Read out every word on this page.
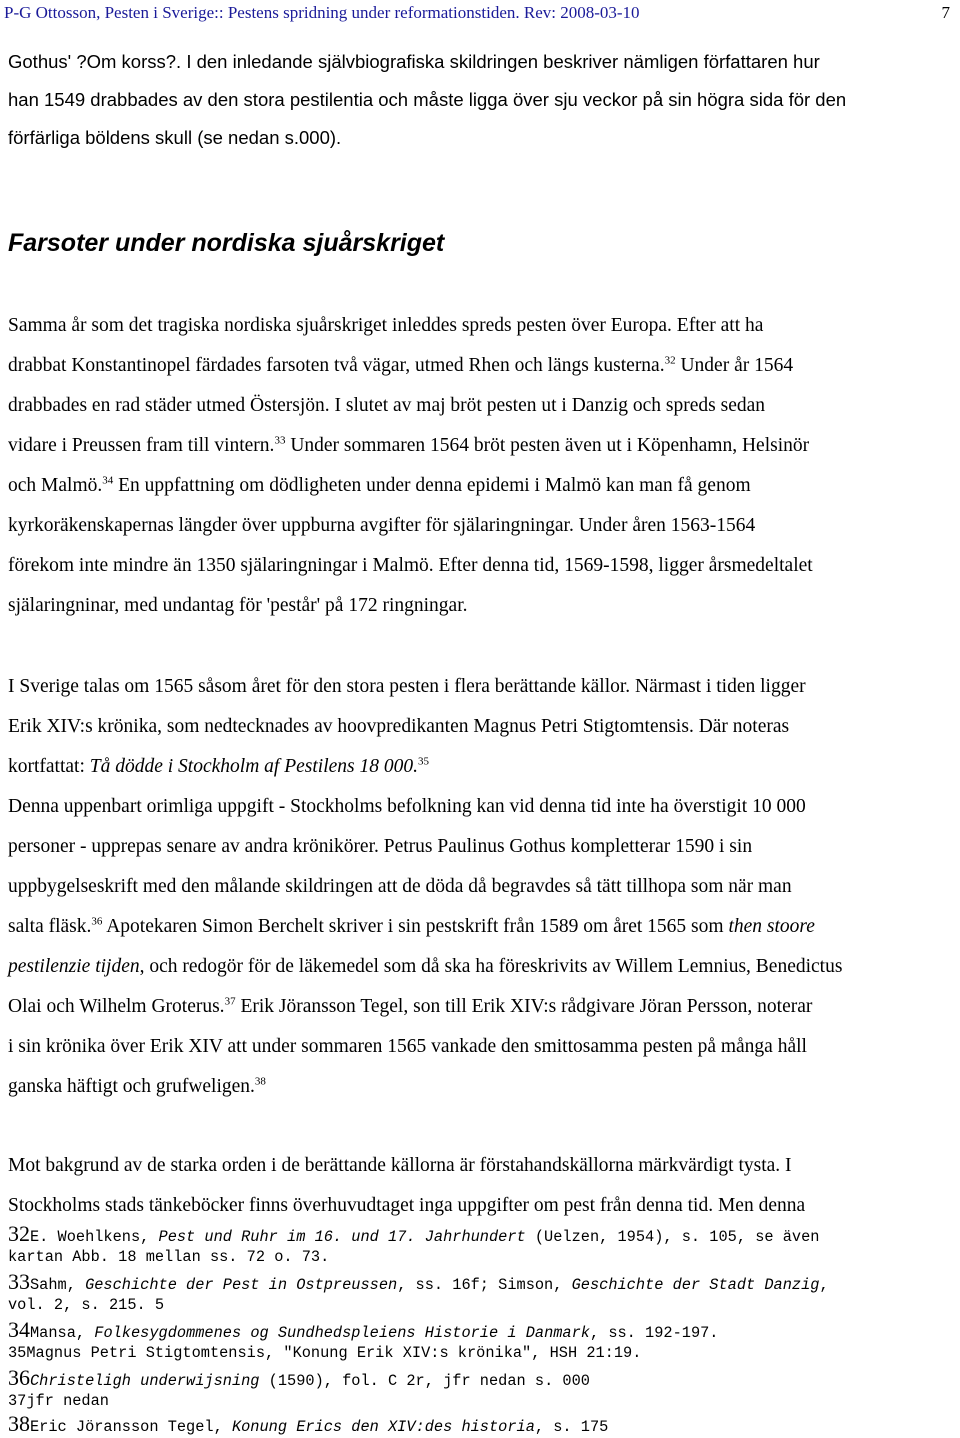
P-G Ottosson, Pesten i Sverige:: Pestens spridning under reformationstiden. Rev: 2008-03-10	7
Gothus' ?Om korss?. I den inledande självbiografiska skildringen beskriver nämligen författaren hur
han 1549 drabbades av den stora pestilentia och måste ligga över sju veckor på sin högra sida för den
förfärliga böldens skull (se nedan s.000).
Farsoter under nordiska sjuårskriget
Samma år som det tragiska nordiska sjuårskriget inleddes spreds pesten över Europa. Efter att ha
drabbat Konstantinopel färdades farsoten två vägar, utmed Rhen och längs kusterna.$^{32}$ Under år 1564
drabbades en rad städer utmed Östersjön. I slutet av maj bröt pesten ut i Danzig och spreds sedan
vidare i Preussen fram till vintern.$^{33}$ Under sommaren 1564 bröt pesten även ut i Köpenhamn, Helsinör
och Malmö.$^{34}$ En uppfattning om dödligheten under denna epidemi i Malmö kan man få genom
kyrkoräkenskapernas längder över uppburna avgifter för själaringningar. Under åren 1563-1564
förekom inte mindre än 1350 själaringningar i Malmö. Efter denna tid, 1569-1598, ligger årsmedeltalet
själaringninar, med undantag för 'pestår' på 172 ringningar.
I Sverige talas om 1565 såsom året för den stora pesten i flera berättande källor. Närmast i tiden ligger
Erik XIV:s krönika, som nedtecknades av hoovpredikanten Magnus Petri Stigtomtensis. Där noteras
kortfattat: Tå dödde i Stockholm af Pestilens 18 000.35
Denna uppenbart orimliga uppgift - Stockholms befolkning kan vid denna tid inte ha överstigit 10 000
personer - upprepas senare av andra krönikörer. Petrus Paulinus Gothus kompletterar 1590 i sin
uppbygelseskrift med den målande skildringen att de döda då begravdes så tätt tillhopa som när man
salta fläsk.$^{36}$ Apotekaren Simon Berchelt skriver i sin pestskrift från 1589 om året 1565 som then stoore
pestilenzie tijden, och redogör för de läkemedel som då ska ha föreskrivits av Willem Lemnius, Benedictus
Olai och Wilhelm Groterus.$^{37}$ Erik Jöransson Tegel, son till Erik XIV:s rådgivare Jöran Persson, noterar
i sin krönika över Erik XIV att under sommaren 1565 vankade den smittosamma pesten på många håll
ganska häftigt och grufweligen.$^{38}$
Mot bakgrund av de starka orden i de berättande källorna är förstahandskällorna märkvärdigt tysta. I
Stockholms stads tänkeböcker finns överhuvudtaget inga uppgifter om pest från denna tid. Men denna
32E. Woehlkens, Pest und Ruhr im 16. und 17. Jahrhundert (Uelzen, 1954), s. 105, se även
kartan Abb. 18 mellan ss. 72 o. 73.
33Sahm, Geschichte der Pest in Ostpreussen, ss. 16f; Simson, Geschichte der Stadt Danzig,
vol. 2, s. 215. 5
34Mansa, Folkesygdommenes og Sundhedspleiens Historie i Danmark, ss. 192-197.
35Magnus Petri Stigtomtensis, "Konung Erik XIV:s krönika", HSH 21:19.
36Christeligh underwijsning (1590), fol. C 2r, jfr nedan s. 000
37jfr nedan
38Eric Jöransson Tegel, Konung Erics den XIV:des historia, s. 175
